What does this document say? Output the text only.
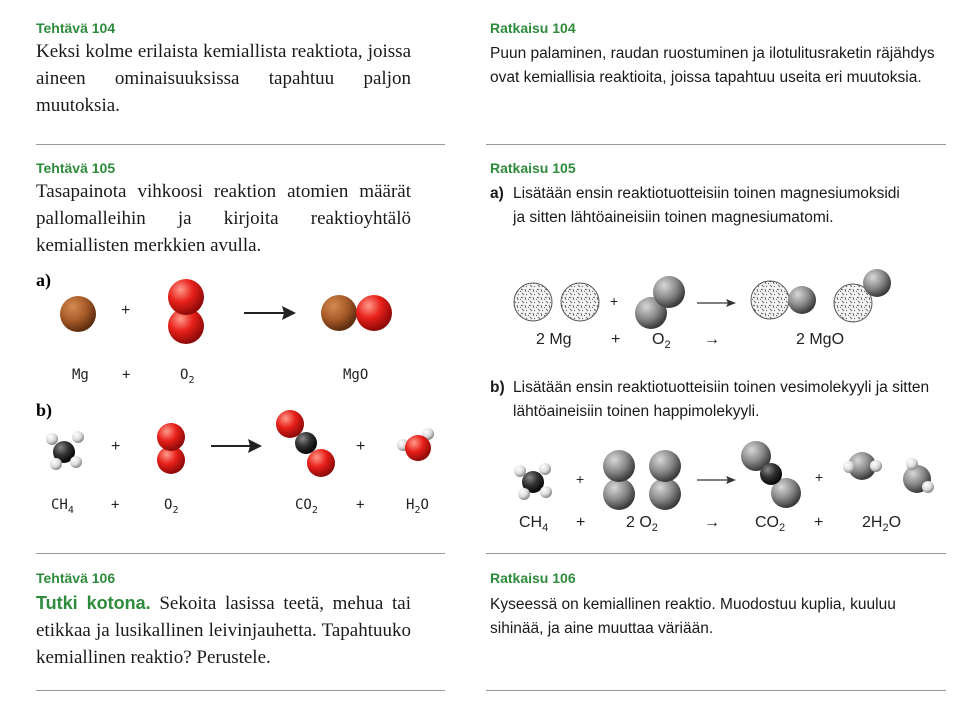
Tehtävä 104
Keksi kolme erilaista kemiallista reaktiota, joissa aineen ominaisuuksissa tapahtuu paljon muutoksia.
Ratkaisu 104
Puun palaminen, raudan ruostuminen ja ilotulitusraketin räjähdys ovat kemiallisia reaktioita, joissa tapahtuu useita eri muutoksia.
Tehtävä 105
Tasapainota vihkoosi reaktion atomien määrät pallomalleihin ja kirjoita reaktioyhtälö kemiallisten merkkien avulla.
a)
+
Mg +	$O_2$	MgO
b)
+	+
$CH_4$	+	$O_2$	$CO_2$	+	$H_2O$
Ratkaisu 105
a) Lisätään ensin reaktiotuotteisiin toinen magnesiumoksidi ja sitten lähtöaineisiin toinen magnesiumatomi.
+
2 $Mg + O_2$ →	2 MgO
b) Lisätään ensin reaktiotuotteisiin toinen vesimolekyyli ja sitten lähtöaineisiin toinen happimolekyyli.
+	+
$CH_4$ +	2 $O_2$	→ $CO_2 + 2H_2O$
Tehtävä 106
Tutki kotona. Sekoita lasissa teetä, mehua tai etikkaa ja lusikallinen leivinjauhetta. Tapahtuuko kemiallinen reaktio? Perustele.
Ratkaisu 106
Kyseessä on kemiallinen reaktio. Muodostuu kuplia, kuuluu sihinää, ja aine muuttaa väriään.
